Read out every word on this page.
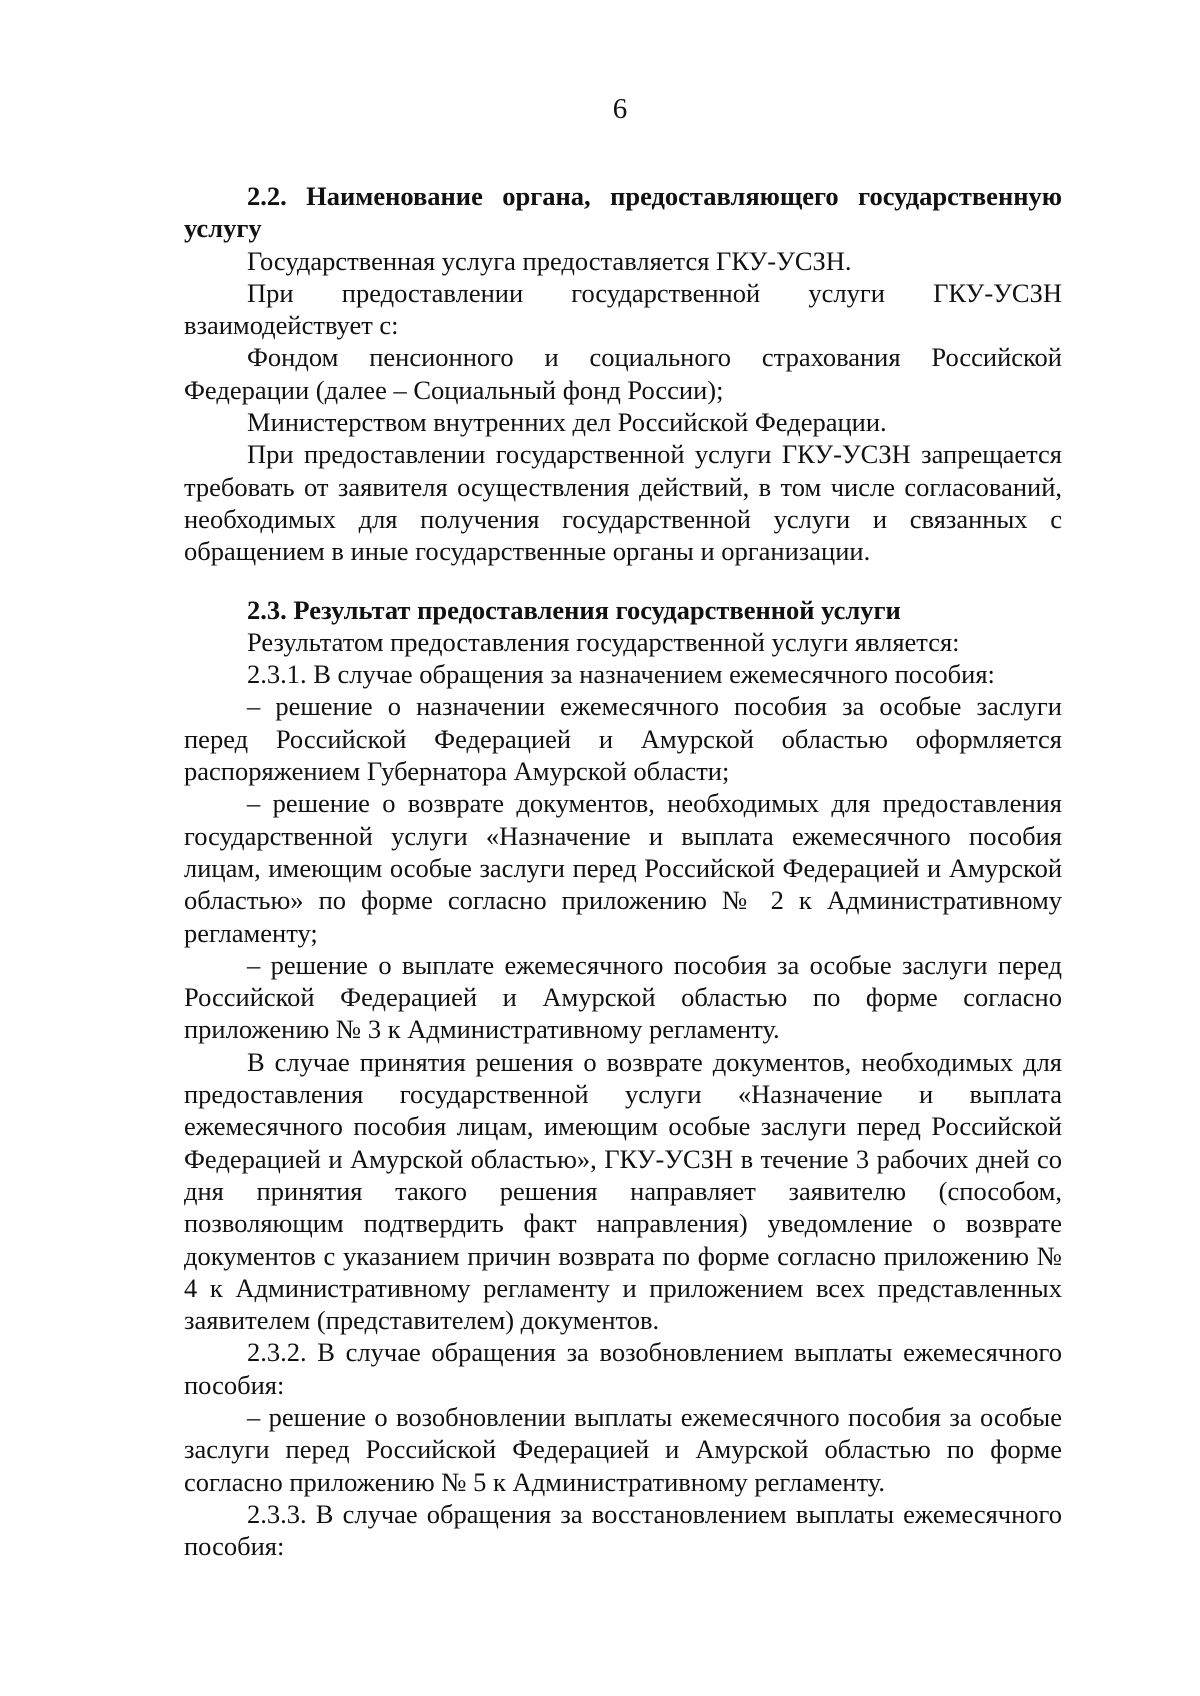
6

2.2. Наименование органа, предоставляющего государственную услугу

Государственная услуга предоставляется ГКУ-УСЗН.

При предоставлении государственной услуги ГКУ-УСЗН взаимодействует с:

Фондом пенсионного и социального страхования Российской Федерации (далее – Социальный фонд России);

Министерством внутренних дел Российской Федерации.

При предоставлении государственной услуги ГКУ-УСЗН запрещается требовать от заявителя осуществления действий, в том числе согласований, необходимых для получения государственной услуги и связанных с обращением в иные государственные органы и организации.

2.3. Результат предоставления государственной услуги

Результатом предоставления государственной услуги является:

2.3.1. В случае обращения за назначением ежемесячного пособия:

– решение о назначении ежемесячного пособия за особые заслуги перед Российской Федерацией и Амурской областью оформляется распоряжением Губернатора Амурской области;

– решение о возврате документов, необходимых для предоставления государственной услуги «Назначение и выплата ежемесячного пособия лицам, имеющим особые заслуги перед Российской Федерацией и Амурской областью» по форме согласно приложению № 2 к Административному регламенту;

– решение о выплате ежемесячного пособия за особые заслуги перед Российской Федерацией и Амурской областью по форме согласно приложению № 3 к Административному регламенту.

В случае принятия решения о возврате документов, необходимых для предоставления государственной услуги «Назначение и выплата ежемесячного пособия лицам, имеющим особые заслуги перед Российской Федерацией и Амурской областью», ГКУ-УСЗН в течение 3 рабочих дней со дня принятия такого решения направляет заявителю (способом, позволяющим подтвердить факт направления) уведомление о возврате документов с указанием причин возврата по форме согласно приложению № 4 к Административному регламенту и приложением всех представленных заявителем (представителем) документов.

2.3.2. В случае обращения за возобновлением выплаты ежемесячного пособия:

– решение о возобновлении выплаты ежемесячного пособия за особые заслуги перед Российской Федерацией и Амурской областью по форме согласно приложению № 5 к Административному регламенту.

2.3.3. В случае обращения за восстановлением выплаты ежемесячного пособия:
